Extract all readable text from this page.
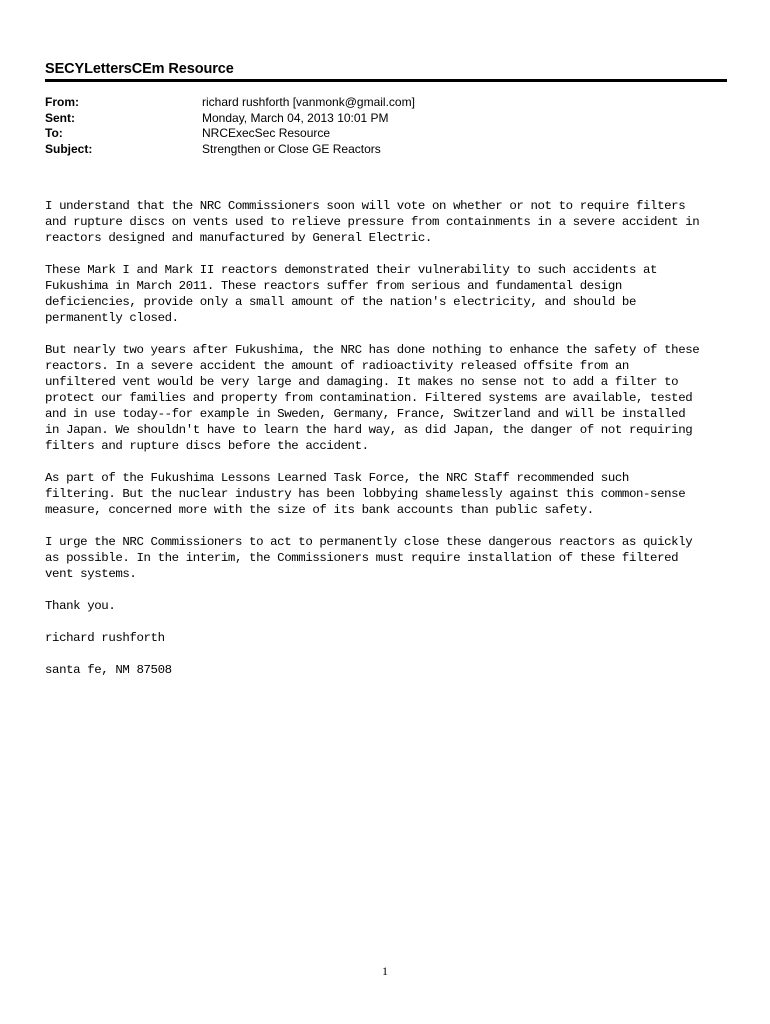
SECYLettersCEm Resource
From:	richard rushforth [vanmonk@gmail.com]
Sent:	Monday, March 04, 2013 10:01 PM
To:	NRCExecSec Resource
Subject:	Strengthen or Close GE Reactors

I understand that the NRC Commissioners soon will vote on whether or not to require filters
and rupture discs on vents used to relieve pressure from containments in a severe accident in
reactors designed and manufactured by General Electric.

These Mark I and Mark II reactors demonstrated their vulnerability to such accidents at
Fukushima in March 2011. These reactors suffer from serious and fundamental design
deficiencies, provide only a small amount of the nation's electricity, and should be
permanently closed.

But nearly two years after Fukushima, the NRC has done nothing to enhance the safety of these
reactors. In a severe accident the amount of radioactivity released offsite from an
unfiltered vent would be very large and damaging. It makes no sense not to add a filter to
protect our families and property from contamination. Filtered systems are available, tested
and in use today--for example in Sweden, Germany, France, Switzerland and will be installed
in Japan. We shouldn't have to learn the hard way, as did Japan, the danger of not requiring
filters and rupture discs before the accident.

As part of the Fukushima Lessons Learned Task Force, the NRC Staff recommended such
filtering. But the nuclear industry has been lobbying shamelessly against this common-sense
measure, concerned more with the size of its bank accounts than public safety.

I urge the NRC Commissioners to act to permanently close these dangerous reactors as quickly
as possible. In the interim, the Commissioners must require installation of these filtered
vent systems.

Thank you.

richard rushforth

santa fe, NM 87508

1
